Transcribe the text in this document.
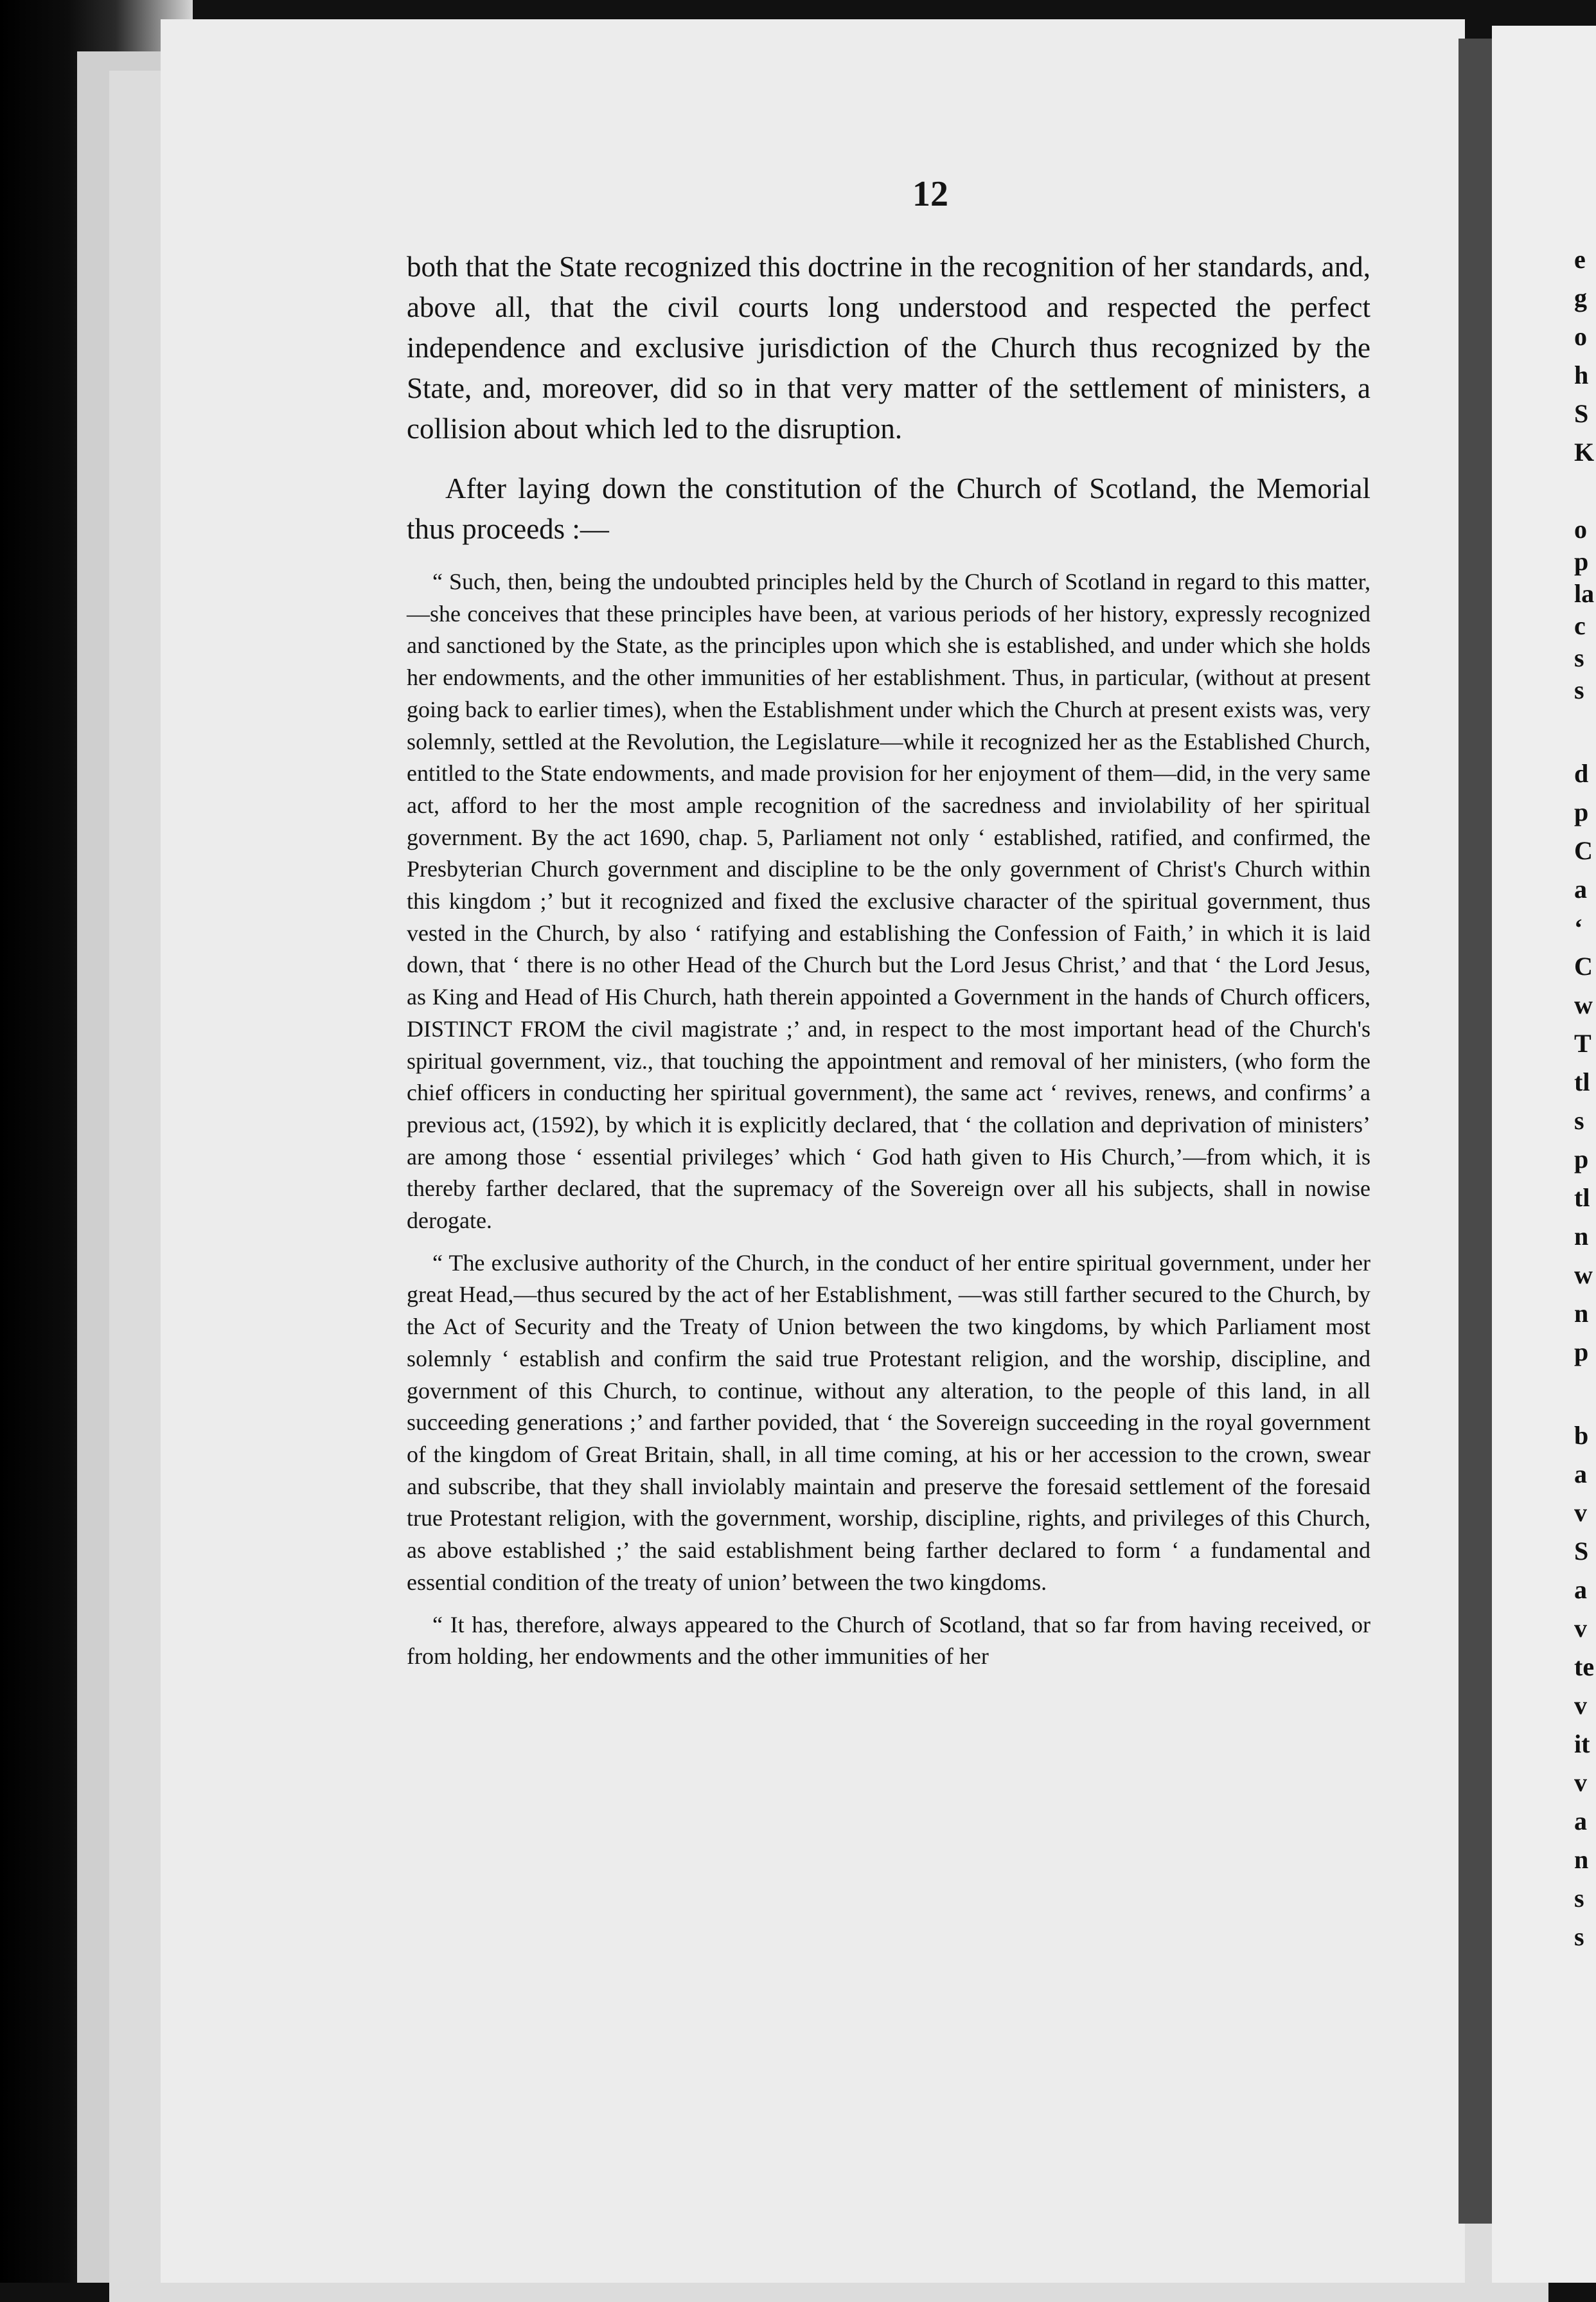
e
g
o
h
S
K
o
p
la
c
s
s
d
p
C
a
‘
C
w
T
tl
s
p
tl
n
w
n
p
b
a
v
S
a
v
te
v
it
v
a
n
s
s
12

both that the State recognized this doctrine in the recognition of her standards, and, above all, that the civil courts long understood and respected the perfect independence and exclusive jurisdiction of the Church thus recognized by the State, and, moreover, did so in that very matter of the settlement of ministers, a collision about which led to the disruption.

After laying down the constitution of the Church of Scotland, the Memorial thus proceeds :—

“ Such, then, being the undoubted principles held by the Church of Scotland in regard to this matter,—she conceives that these principles have been, at various periods of her history, expressly recognized and sanctioned by the State, as the principles upon which she is established, and under which she holds her endowments, and the other immunities of her establishment. Thus, in particular, (without at present going back to earlier times), when the Establishment under which the Church at present exists was, very solemnly, settled at the Revolution, the Legislature—while it recognized her as the Established Church, entitled to the State endowments, and made provision for her enjoyment of them—did, in the very same act, afford to her the most ample recognition of the sacredness and inviolability of her spiritual government. By the act 1690, chap. 5, Parliament not only ‘ established, ratified, and confirmed, the Presbyterian Church government and discipline to be the only government of Christ's Church within this kingdom ;’ but it recognized and fixed the exclusive character of the spiritual government, thus vested in the Church, by also ‘ ratifying and establishing the Confession of Faith,’ in which it is laid down, that ‘ there is no other Head of the Church but the Lord Jesus Christ,’ and that ‘ the Lord Jesus, as King and Head of His Church, hath therein appointed a Government in the hands of Church officers, DISTINCT FROM the civil magistrate ;’ and, in respect to the most important head of the Church's spiritual government, viz., that touching the appointment and removal of her ministers, (who form the chief officers in conducting her spiritual government), the same act ‘ revives, renews, and confirms’ a previous act, (1592), by which it is explicitly declared, that ‘ the collation and deprivation of ministers’ are among those ‘ essential privileges’ which ‘ God hath given to His Church,’—from which, it is thereby farther declared, that the supremacy of the Sovereign over all his subjects, shall in nowise derogate.

“ The exclusive authority of the Church, in the conduct of her entire spiritual government, under her great Head,—thus secured by the act of her Establishment, —was still farther secured to the Church, by the Act of Security and the Treaty of Union between the two kingdoms, by which Parliament most solemnly ‘ establish and confirm the said true Protestant religion, and the worship, discipline, and government of this Church, to continue, without any alteration, to the people of this land, in all succeeding generations ;’ and farther povided, that ‘ the Sovereign succeeding in the royal government of the kingdom of Great Britain, shall, in all time coming, at his or her accession to the crown, swear and subscribe, that they shall inviolably maintain and preserve the foresaid settlement of the foresaid true Protestant religion, with the government, worship, discipline, rights, and privileges of this Church, as above established ;’ the said establishment being farther declared to form ‘ a fundamental and essential condition of the treaty of union’ between the two kingdoms.

“ It has, therefore, always appeared to the Church of Scotland, that so far from having received, or from holding, her endowments and the other immunities of her
